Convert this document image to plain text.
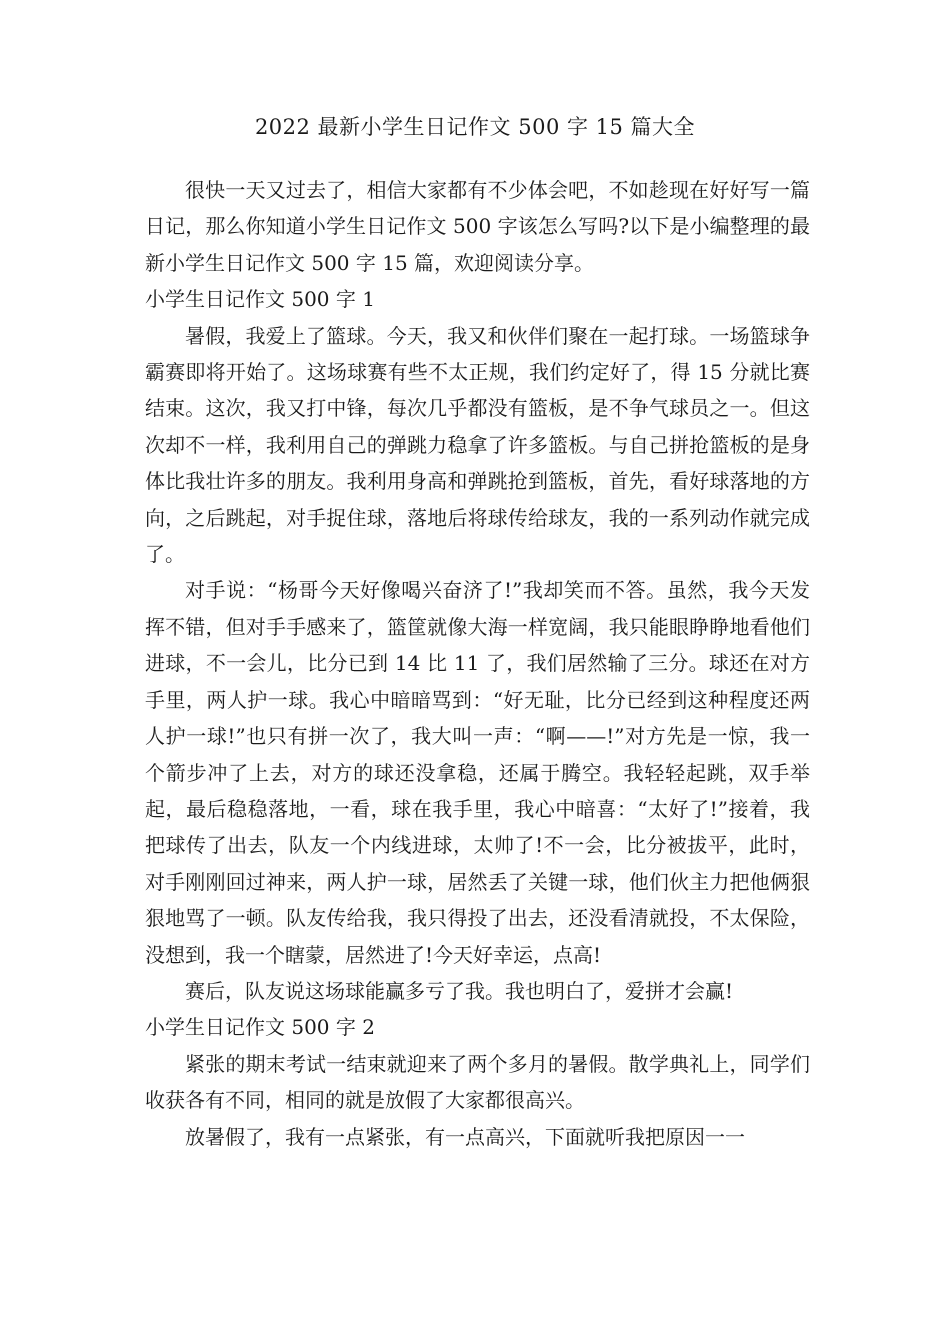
2022 最新小学生日记作文 500 字 15 篇大全

很快一天又过去了，相信大家都有不少体会吧，不如趁现在好好写一篇日记，那么你知道小学生日记作文 500 字该怎么写吗?以下是小编整理的最新小学生日记作文 500 字 15 篇，欢迎阅读分享。

小学生日记作文 500 字 1

暑假，我爱上了篮球。今天，我又和伙伴们聚在一起打球。一场篮球争霸赛即将开始了。这场球赛有些不太正规，我们约定好了，得 15 分就比赛结束。这次，我又打中锋，每次几乎都没有篮板，是不争气球员之一。但这次却不一样，我利用自己的弹跳力稳拿了许多篮板。与自己拼抢篮板的是身体比我壮许多的朋友。我利用身高和弹跳抢到篮板，首先，看好球落地的方向，之后跳起，对手捉住球，落地后将球传给球友，我的一系列动作就完成了。

对手说：“杨哥今天好像喝兴奋济了!”我却笑而不答。虽然，我今天发挥不错，但对手手感来了，篮筐就像大海一样宽阔，我只能眼睁睁地看他们进球，不一会儿，比分已到 14 比 11 了，我们居然输了三分。球还在对方手里，两人护一球。我心中暗暗骂到：“好无耻，比分已经到这种程度还两人护一球!”也只有拼一次了，我大叫一声：“啊——!”对方先是一惊，我一个箭步冲了上去，对方的球还没拿稳，还属于腾空。我轻轻起跳，双手举起，最后稳稳落地，一看，球在我手里，我心中暗喜：“太好了!”接着，我把球传了出去，队友一个内线进球，太帅了!不一会，比分被拔平，此时，对手刚刚回过神来，两人护一球，居然丢了关键一球，他们伙主力把他俩狠狠地骂了一顿。队友传给我，我只得投了出去，还没看清就投，不太保险，没想到，我一个瞎蒙，居然进了!今天好幸运，点高!

赛后，队友说这场球能赢多亏了我。我也明白了，爱拼才会赢!

小学生日记作文 500 字 2

紧张的期末考试一结束就迎来了两个多月的暑假。散学典礼上，同学们收获各有不同，相同的就是放假了大家都很高兴。

放暑假了，我有一点紧张，有一点高兴，下面就听我把原因一一
